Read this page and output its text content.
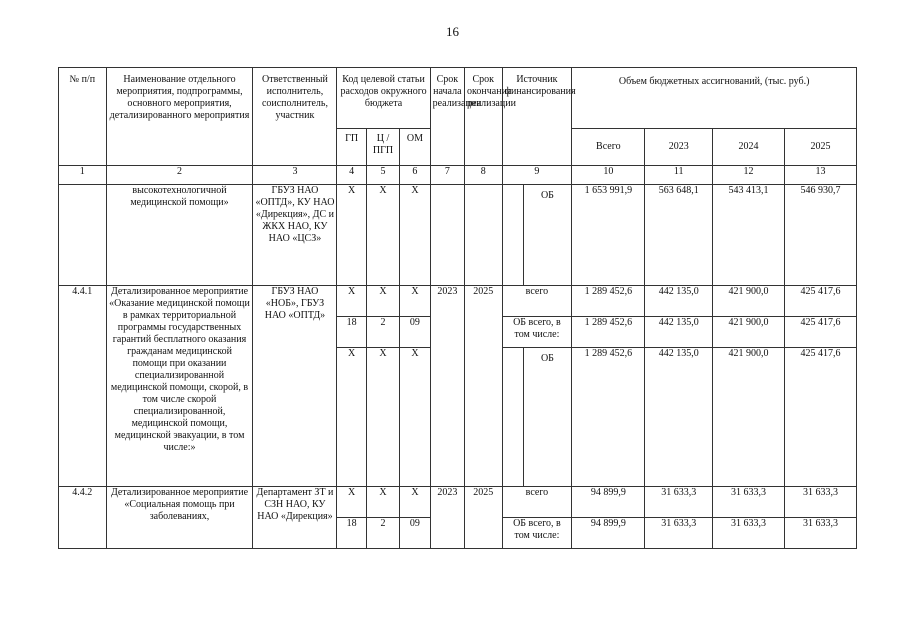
16
№ п/п	Наименование отдельного мероприятия, подпрограммы, основного мероприятия, детализированного мероприятия	Ответственный исполнитель, соисполнитель, участник	Код целевой статьи расходов окружного бюджета			Срок начала реализации	Срок окончания реализации	Источник финансирования	Объем бюджетных ассигнований, (тыс. руб.)			
			ГП	Ц / ПГП	ОМ				Всего	2023	2024	2025
1	2	3	4	5	6	7	8	9	10	11	12	13
	высокотехнологичной медицинской помощи»	ГБУЗ НАО «ОПТД», КУ НАО «Дирекция», ДС и ЖКХ НАО, КУ НАО «ЦСЗ»	X	X	X			ОБ	1 653 991,9	563 648,1	543 413,1	546 930,7
4.4.1	Детализированное мероприятие «Оказание медицинской помощи в рамках территориальной программы государственных гарантий бесплатного оказания гражданам медицинской помощи при оказании специализированной медицинской помощи, скорой, в том числе скорой специализированной, медицинской помощи, медицинской эвакуации, в том числе:»	ГБУЗ НАО «НОБ», ГБУЗ НАО «ОПТД»	X	X	X	2023	2025	всего	1 289 452,6	442 135,0	421 900,0	425 417,6
			18	2	09			ОБ всего, в том числе:	1 289 452,6	442 135,0	421 900,0	425 417,6
			X	X	X			ОБ	1 289 452,6	442 135,0	421 900,0	425 417,6
4.4.2	Детализированное мероприятие «Социальная помощь при заболеваниях,	Департамент ЗТ и СЗН НАО, КУ НАО «Дирекция»	X	X	X	2023	2025	всего	94 899,9	31 633,3	31 633,3	31 633,3
			18	2	09			ОБ всего, в том числе:	94 899,9	31 633,3	31 633,3	31 633,3
